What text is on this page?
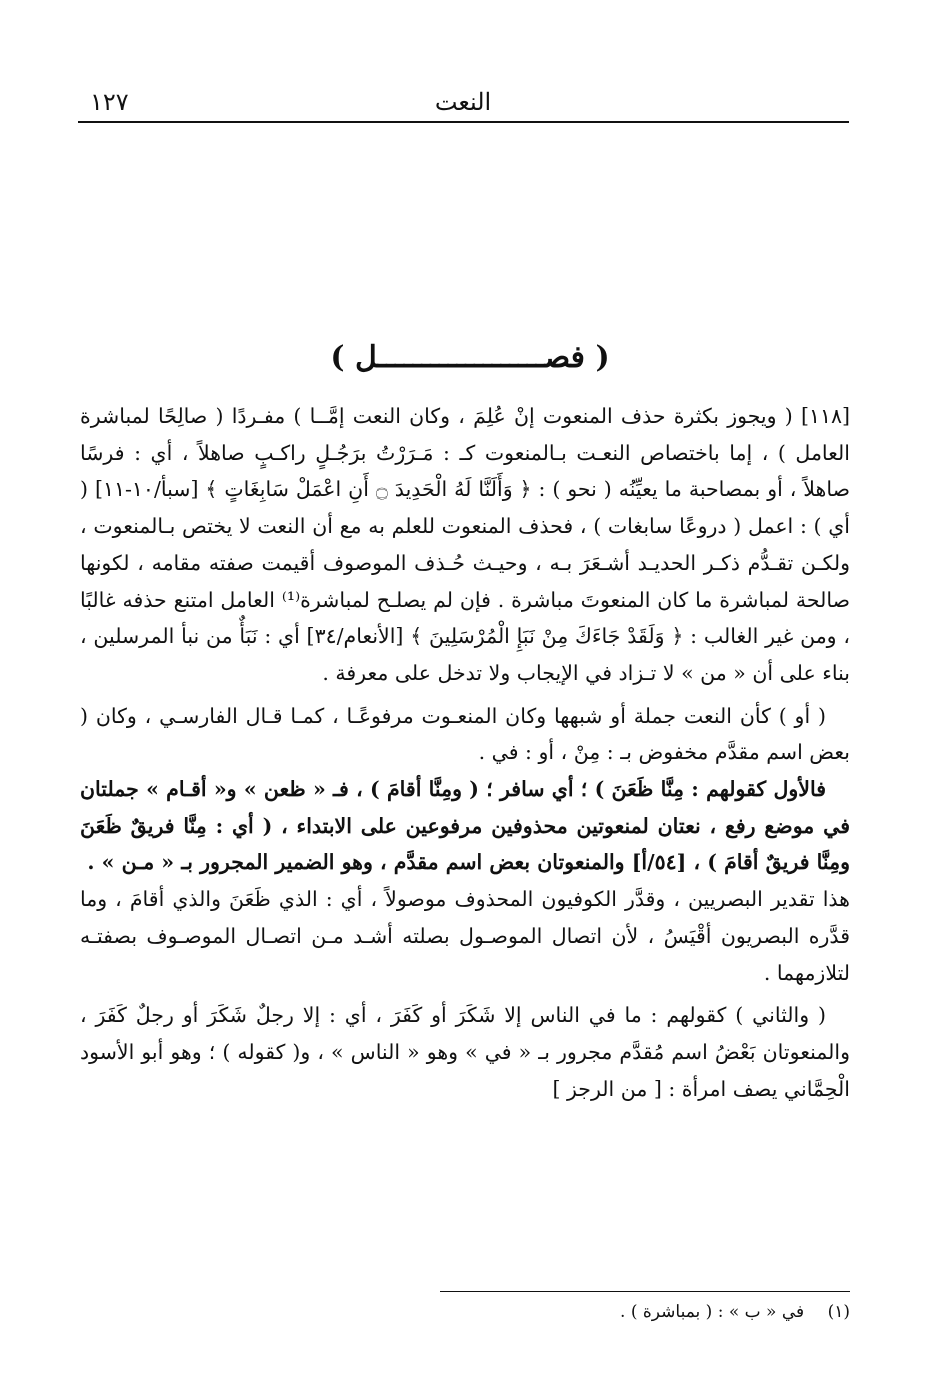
النعت
١٢٧
( فصـــــــــــــــــــل )

[١١٨] ( ويجوز بكثرة حذف المنعوت إنْ عُلِمَ ، وكان النعت إمَّــا ) مفـردًا ( صالِحًا لمباشرة العامل ) ، إما باختصاص النعـت بـالمنعوت كـ : مَـرَرْتُ برَجُـلٍ راكـبٍ صاهلاً ، أي : فرسًا صاهلاً ، أو بمصاحبة ما يعيِّنُه ( نحو ) : ﴿ وَأَلَنَّا لَهُ الْحَدِيدَ ۝ أَنِ اعْمَلْ سَابِغَاتٍ ﴾ [سبأ/١٠-١١] ( أي ) : اعمل ( دروعًا سابغات ) ، فحذف المنعوت للعلم به مع أن النعت لا يختص بـالمنعوت ، ولكـن تقـدُّم ذكـر الحديـد أشـعَرَ بـه ، وحيـث حُـذف الموصوف أقيمت صفته مقامه ، لكونها صالحة لمباشرة ما كان المنعوتَ مباشرة . فإن لم يصلـح لمباشرة⁽¹⁾ العامل امتنع حذفه غالبًا ، ومن غير الغالب : ﴿ وَلَقَدْ جَاءَكَ مِنْ نَبَإِ الْمُرْسَلِينَ ﴾ [الأنعام/٣٤] أي : نَبَأٌ من نبأ المرسلين ، بناء على أن « من » لا تـزاد في الإيجاب ولا تدخل على معرفة .

( أو ) كأن النعت جملة أو شبهها وكان المنعـوت مرفوعًـا ، كمـا قـال الفارسـي ، وكان ( بعض اسم مقدَّم مخفوض بـ : مِنْ ، أو : في .

فالأول كقولهم : مِنَّا ظَعَنَ ) ؛ أي سافر ؛ ( ومِنَّا أقامَ ) ، فـ « ظعن » و« أقـام » جملتان في موضع رفع ، نعتان لمنعوتين محذوفين مرفوعين على الابتداء ، ( أي : مِنَّا فريقٌ ظَعَنَ ومِنَّا فريقٌ أقامَ ) ، [٥٤/أ] والمنعوتان بعض اسم مقدَّم ، وهو الضمير المجرور بـ « مـن » .

هذا تقدير البصريين ، وقدَّر الكوفيون المحذوف موصولاً ، أي : الذي ظَعَنَ والذي أقامَ ، وما قدَّره البصريون أقْيَسُ ، لأن اتصال الموصـول بصلته أشـد مـن اتصـال الموصـوف بصفتـه لتلازمهما .

( والثاني ) كقولهم : ما في الناس إلا شَكَرَ أو كَفَرَ ، أي : إلا رجلٌ شَكَرَ أو رجلٌ كَفَرَ ، والمنعوتان بَعْضُ اسم مُقدَّم مجرور بـ « في » وهو « الناس » ، و( كقوله ) ؛ وهو أبو الأسود الْحِمَّاني يصف امرأة : [ من الرجز ]

(١) في « ب » : ( بمباشرة ) .
